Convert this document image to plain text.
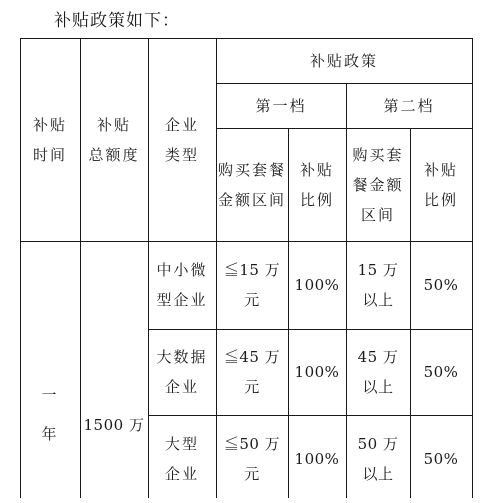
补贴政策如下：
补贴政策
第一档	第二档
补贴
时间
补贴
总额度
企业
类型
购买套餐
金额区间
补贴
比例
购买套
餐金额
区间
补贴
比例
一
年	1500 万
中小微
型企业
≦15 万
元
100%
15 万
以上
50%
大数据
企业
≦45 万
元
100%
45 万
以上
50%
大型
企业
≦50 万
元
100%
50 万
以上
50%
